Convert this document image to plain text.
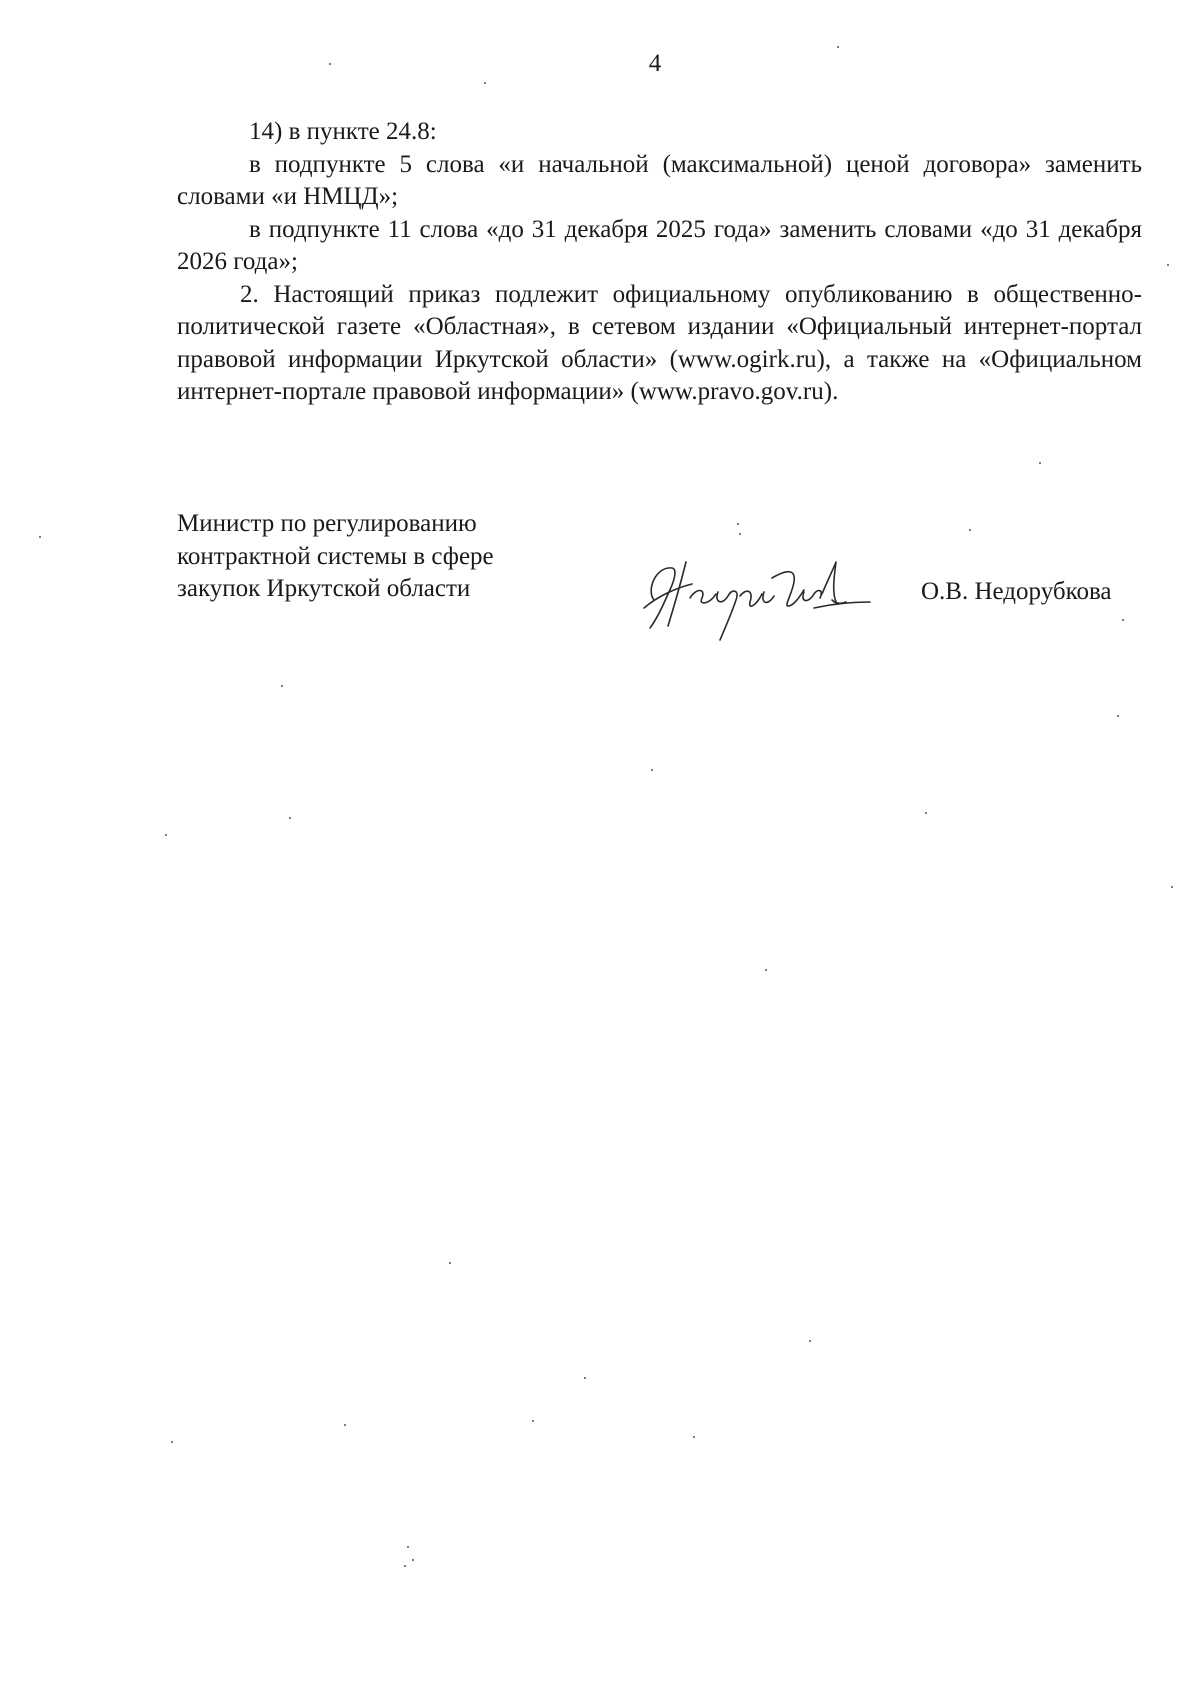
4

14) в пункте 24.8:

в подпункте 5 слова «и начальной (максимальной) ценой договора» заменить словами «и НМЦД»;

в подпункте 11 слова «до 31 декабря 2025 года» заменить словами «до 31 декабря 2026 года»;

2. Настоящий приказ подлежит официальному опубликованию в общественно-политической газете «Областная», в сетевом издании «Официальный интернет-портал правовой информации Иркутской области» (www.ogirk.ru), а также на «Официальном интернет-портале правовой информации» (www.pravo.gov.ru).

Министр по регулированию
контрактной системы в сфере
закупок Иркутской области	О.В. Недорубкова
